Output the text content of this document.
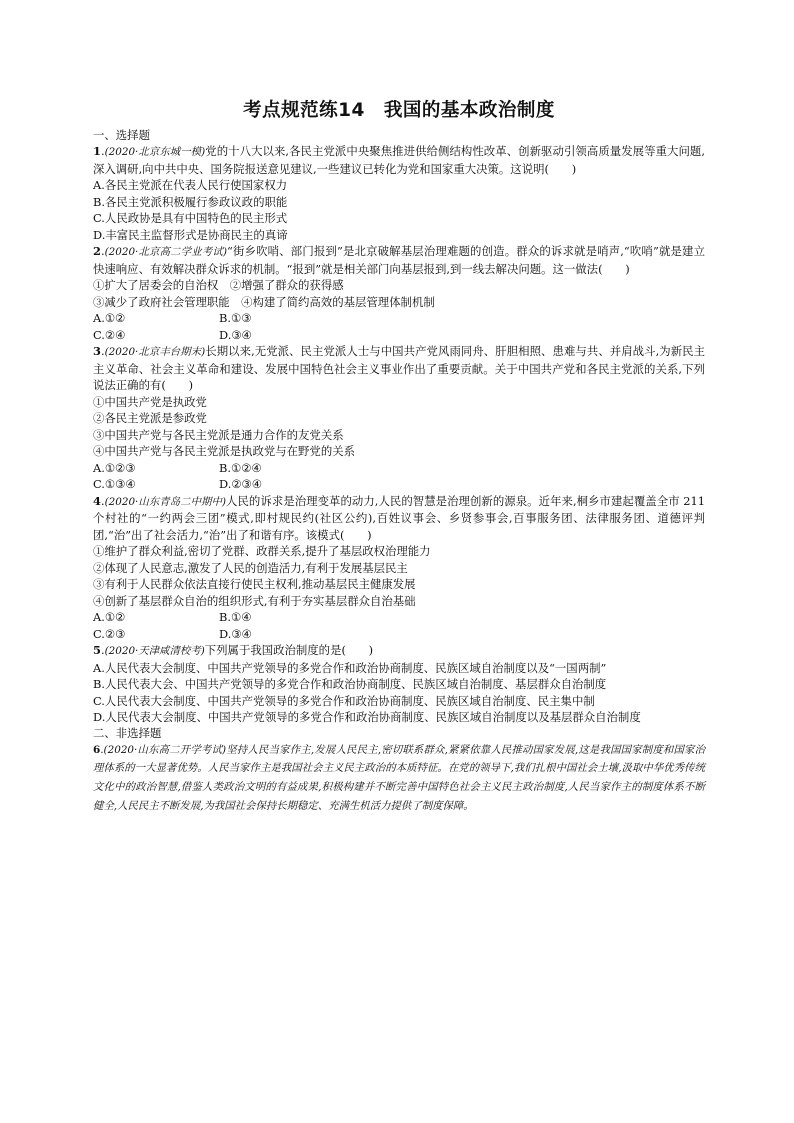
考点规范练14　我国的基本政治制度
一、选择题

1.(2020·北京东城一模)党的十八大以来,各民主党派中央聚焦推进供给侧结构性改革、创新驱动引领高质量发展等重大问题,深入调研,向中共中央、国务院报送意见建议,一些建议已转化为党和国家重大决策。这说明(　　)

A.各民主党派在代表人民行使国家权力

B.各民主党派积极履行参政议政的职能

C.人民政协是具有中国特色的民主形式

D.丰富民主监督形式是协商民主的真谛

2.(2020·北京高二学业考试)“街乡吹哨、部门报到”是北京破解基层治理难题的创造。群众的诉求就是哨声,“吹哨”就是建立快速响应、有效解决群众诉求的机制。“报到”就是相关部门向基层报到,到一线去解决问题。这一做法(　　)

①扩大了居委会的自治权　②增强了群众的获得感

③减少了政府社会管理职能　④构建了简约高效的基层管理体制机制

A.①②	B.①③
C.②④	D.③④

3.(2020·北京丰台期末)长期以来,无党派、民主党派人士与中国共产党风雨同舟、肝胆相照、患难与共、并肩战斗,为新民主主义革命、社会主义革命和建设、发展中国特色社会主义事业作出了重要贡献。关于中国共产党和各民主党派的关系,下列说法正确的有(　　)

①中国共产党是执政党

②各民主党派是参政党

③中国共产党与各民主党派是通力合作的友党关系

④中国共产党与各民主党派是执政党与在野党的关系

A.①②③	B.①②④
C.①③④	D.②③④

4.(2020·山东青岛二中期中)人民的诉求是治理变革的动力,人民的智慧是治理创新的源泉。近年来,桐乡市建起覆盖全市 211个村社的“一约两会三团”模式,即村规民约(社区公约),百姓议事会、乡贤参事会,百事服务团、法律服务团、道德评判团,“治”出了社会活力,“治”出了和谐有序。该模式(　　)

①维护了群众利益,密切了党群、政群关系,提升了基层政权治理能力

②体现了人民意志,激发了人民的创造活力,有利于发展基层民主

③有利于人民群众依法直接行使民主权利,推动基层民主健康发展

④创新了基层群众自治的组织形式,有利于夯实基层群众自治基础

A.①②	B.①④
C.②③	D.③④

5.(2020·天津咸清校考)下列属于我国政治制度的是(　　)

A.人民代表大会制度、中国共产党领导的多党合作和政治协商制度、民族区域自治制度以及“一国两制”

B.人民代表大会、中国共产党领导的多党合作和政治协商制度、民族区域自治制度、基层群众自治制度

C.人民代表大会制度、中国共产党领导的多党合作和政治协商制度、民族区域自治制度、民主集中制

D.人民代表大会制度、中国共产党领导的多党合作和政治协商制度、民族区域自治制度以及基层群众自治制度

二、非选择题

6.(2020·山东高二开学考试)坚持人民当家作主,发展人民民主,密切联系群众,紧紧依靠人民推动国家发展,这是我国国家制度和国家治理体系的一大显著优势。人民当家作主是我国社会主义民主政治的本质特征。在党的领导下,我们扎根中国社会土壤,汲取中华优秀传统文化中的政治智慧,借鉴人类政治文明的有益成果,积极构建并不断完善中国特色社会主义民主政治制度,人民当家作主的制度体系不断健全,人民民主不断发展,为我国社会保持长期稳定、充满生机活力提供了制度保障。
